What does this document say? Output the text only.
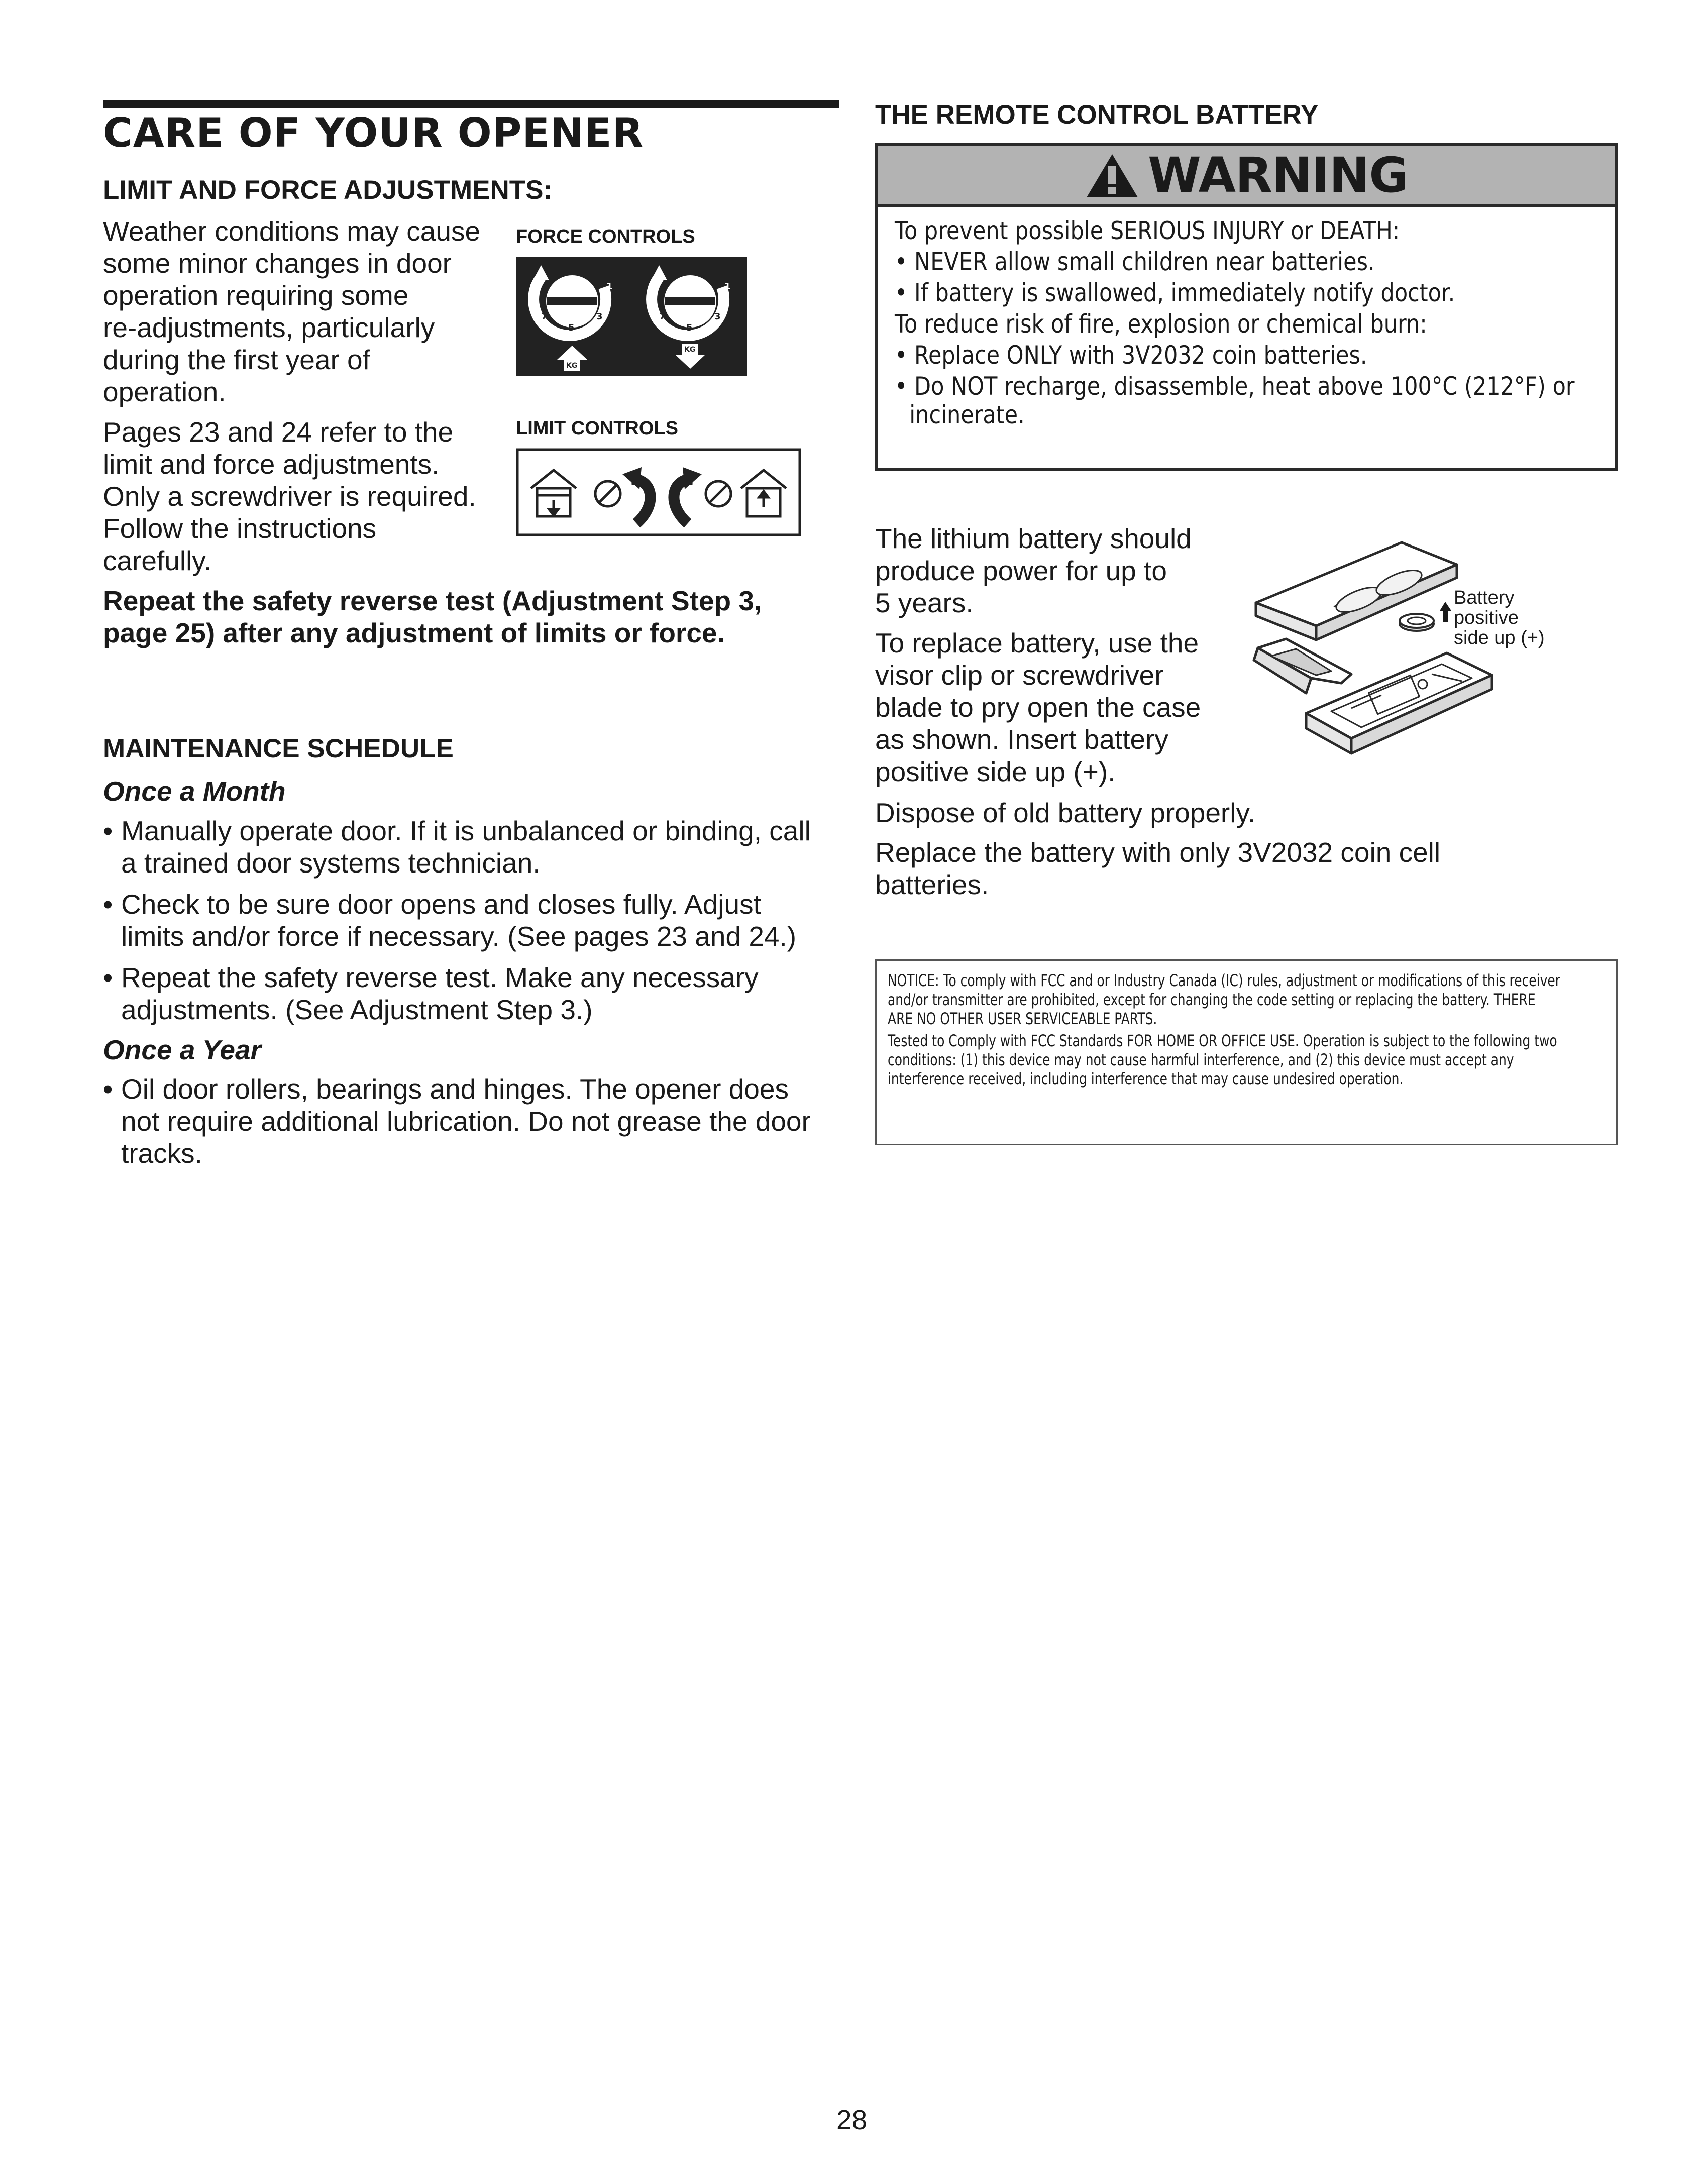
CARE OF YOUR OPENER

LIMIT AND FORCE ADJUSTMENTS:

Weather conditions may cause

some minor changes in door

operation requiring some

re-adjustments, particularly

during the first year of

operation.

Pages 23 and 24 refer to the

limit and force adjustments.

Only a screwdriver is required.

Follow the instructions

carefully.

Repeat the safety reverse test (Adjustment Step 3,

page 25) after any adjustment of limits or force.

FORCE CONTROLS

9
7
5
3
1
KG
9
7
5
3
1
KG

LIMIT CONTROLS

MAINTENANCE SCHEDULE

Once a Month

• Manually operate door. If it is unbalanced or binding, call
a trained door systems technician.
• Check to be sure door opens and closes fully. Adjust
limits and/or force if necessary. (See pages 23 and 24.)
• Repeat the safety reverse test. Make any necessary
adjustments. (See Adjustment Step 3.)

Once a Year

• Oil door rollers, bearings and hinges. The opener does
not require additional lubrication. Do not grease the door
tracks.

THE REMOTE CONTROL BATTERY

WARNING

To prevent possible SERIOUS INJURY or DEATH:

• NEVER allow small children near batteries.

• If battery is swallowed, immediately notify doctor.

To reduce risk of fire, explosion or chemical burn:

• Replace ONLY with 3V2032 coin batteries.

• Do NOT recharge, disassemble, heat above 100°C (212°F) or

incinerate.

The lithium battery should

produce power for up to

5 years.

To replace battery, use the

visor clip or screwdriver

blade to pry open the case

as shown. Insert battery

positive side up (+).

Dispose of old battery properly.

Replace the battery with only 3V2032 coin cell

batteries.

Battery
positive
side up (+)

NOTICE: To comply with FCC and or Industry Canada (IC) rules, adjustment or modifications of this receiver and/or transmitter are prohibited, except for changing the code setting or replacing the battery. THERE ARE NO OTHER USER SERVICEABLE PARTS.

Tested to Comply with FCC Standards FOR HOME OR OFFICE USE. Operation is subject to the following two conditions: (1) this device may not cause harmful interference, and (2) this device must accept any interference received, including interference that may cause undesired operation.

28
